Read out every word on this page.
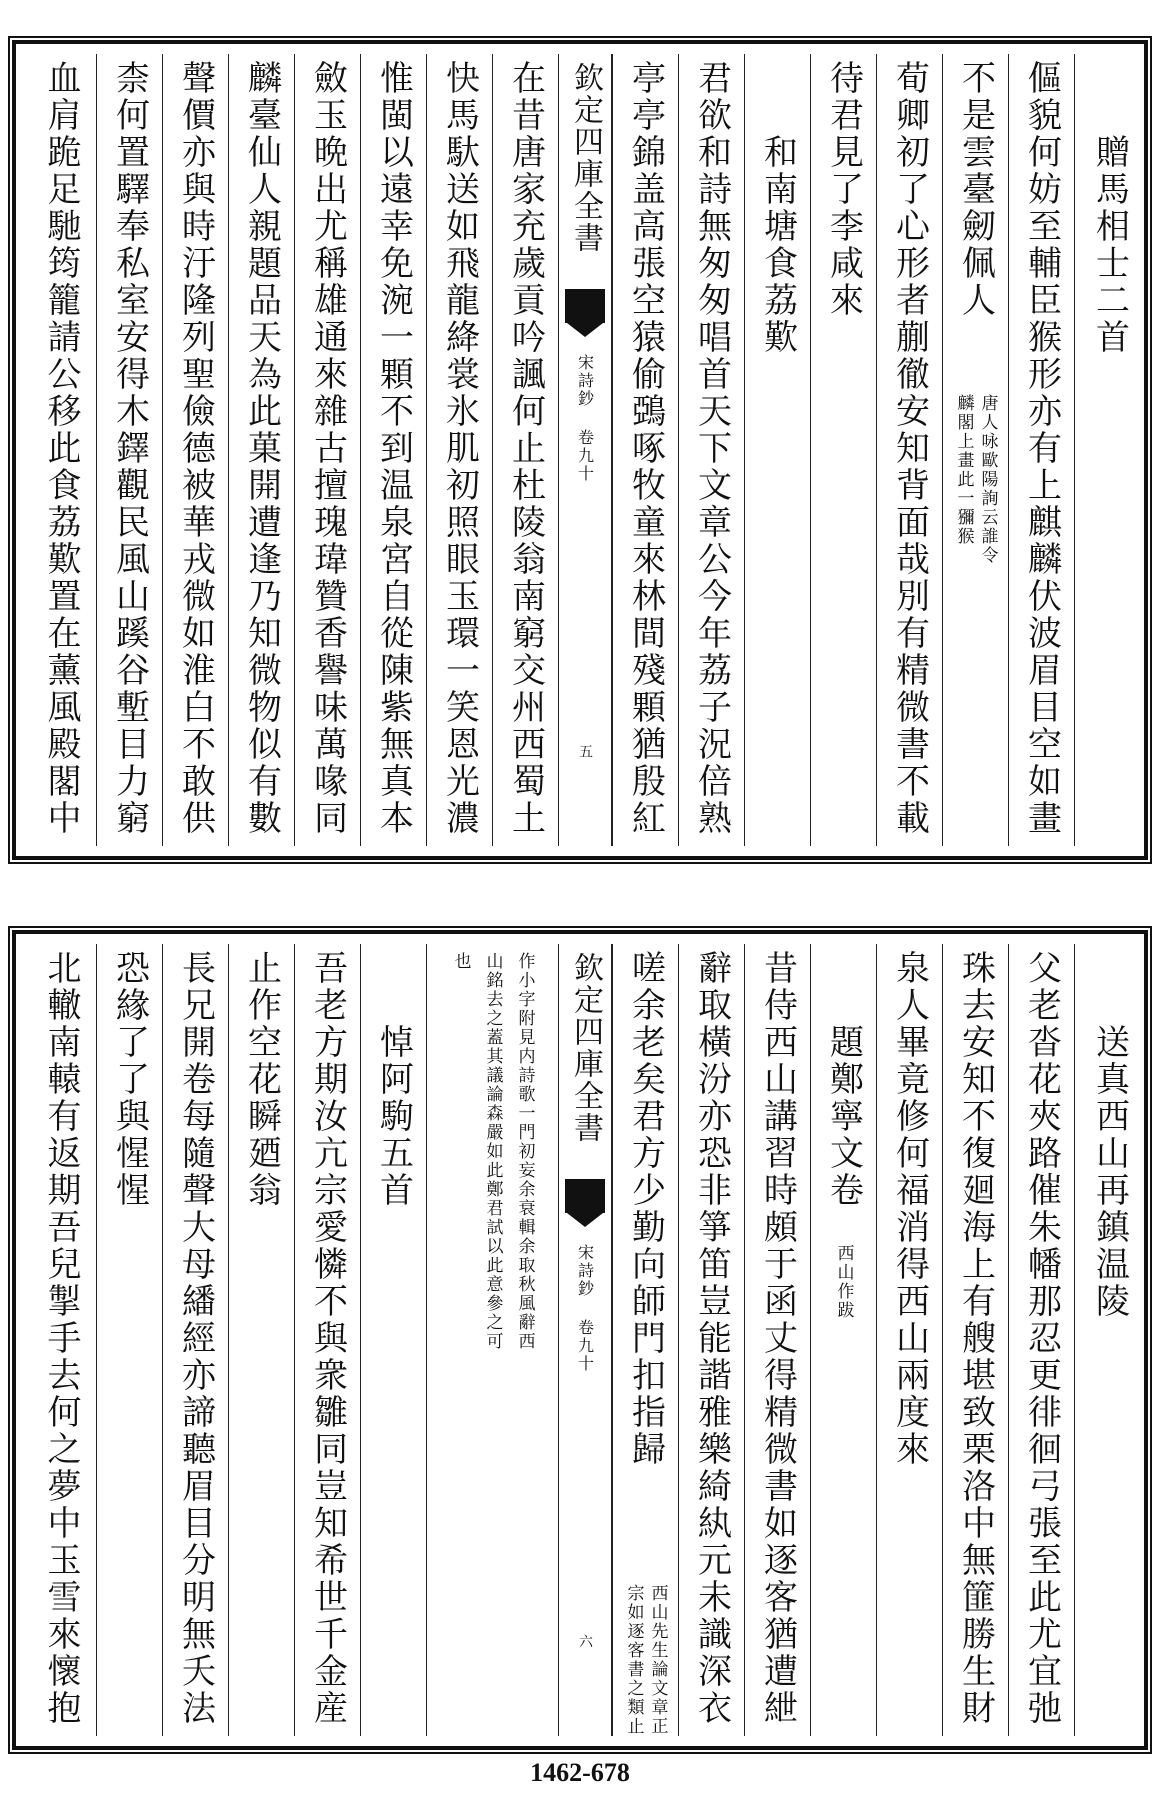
贈馬相士二首
傴貌何妨至輔臣猴形亦有上麒麟伏波眉目空如畫
不是雲臺劒佩人
唐人咏歐陽詢云誰令
麟閣上畫此一獼猴
荀卿初了心形者蒯徹安知背面哉別有精微書不載
待君見了李咸來
和南塘食荔歎
君欲和詩無匆匆唱首天下文章公今年荔子況倍熟
亭亭錦盖高張空猿偷鵶啄牧童來林間殘顆猶殷紅
欽定四庫全書
宋詩鈔 卷九十
五
在昔唐家充歲貢吟諷何止杜陵翁南窮交州西蜀土
快馬馱送如飛龍絳裳氷肌初照眼玉環一笑恩光濃
惟閩以遠幸免涴一顆不到温泉宮自從陳紫無真本
斂玉晩出尤稱雄通來雜古擅瑰瑋贊香譽味萬喙同
麟臺仙人親題品天為此菓開遭逢乃知微物似有數
聲價亦與時汙隆列聖儉德被華戎微如淮白不敢供
柰何置驛奉私室安得木鐸觀民風山蹊谷塹目力窮
血肩跪足馳筠籠請公移此食荔歎置在薰風殿閣中
送真西山再鎮温陵
父老沓花夾路催朱幡那忍更徘徊弓張至此尤宜弛
珠去安知不復廻海上有艘堪致栗洛中無篚勝生財
泉人畢竟修何福消得西山兩度來
題鄭寧文卷
西山作跋
昔侍西山講習時頗于函丈得精微書如逐客猶遭紲
辭取橫汾亦恐非箏笛豈能諧雅樂綺紈元未識深衣
嗟余老矣君方少勤向師門扣指歸
西山先生論文章正
宗如逐客書之類止
欽定四庫全書
宋詩鈔 卷九十
六
作小字附見内詩歌一門初妄余衰輯余取秋風辭西
山銘去之蓋其議論森嚴如此鄭君試以此意參之可
也
悼阿駒五首
吾老方期汝亢宗愛憐不與衆雛同豈知希世千金産
止作空花瞬廼翁
長兄開卷每隨聲大母繙經亦諦聽眉目分明無夭法
恐緣了了與惺惺
北轍南轅有返期吾兒掣手去何之夢中玉雪來懷抱
1462-678
